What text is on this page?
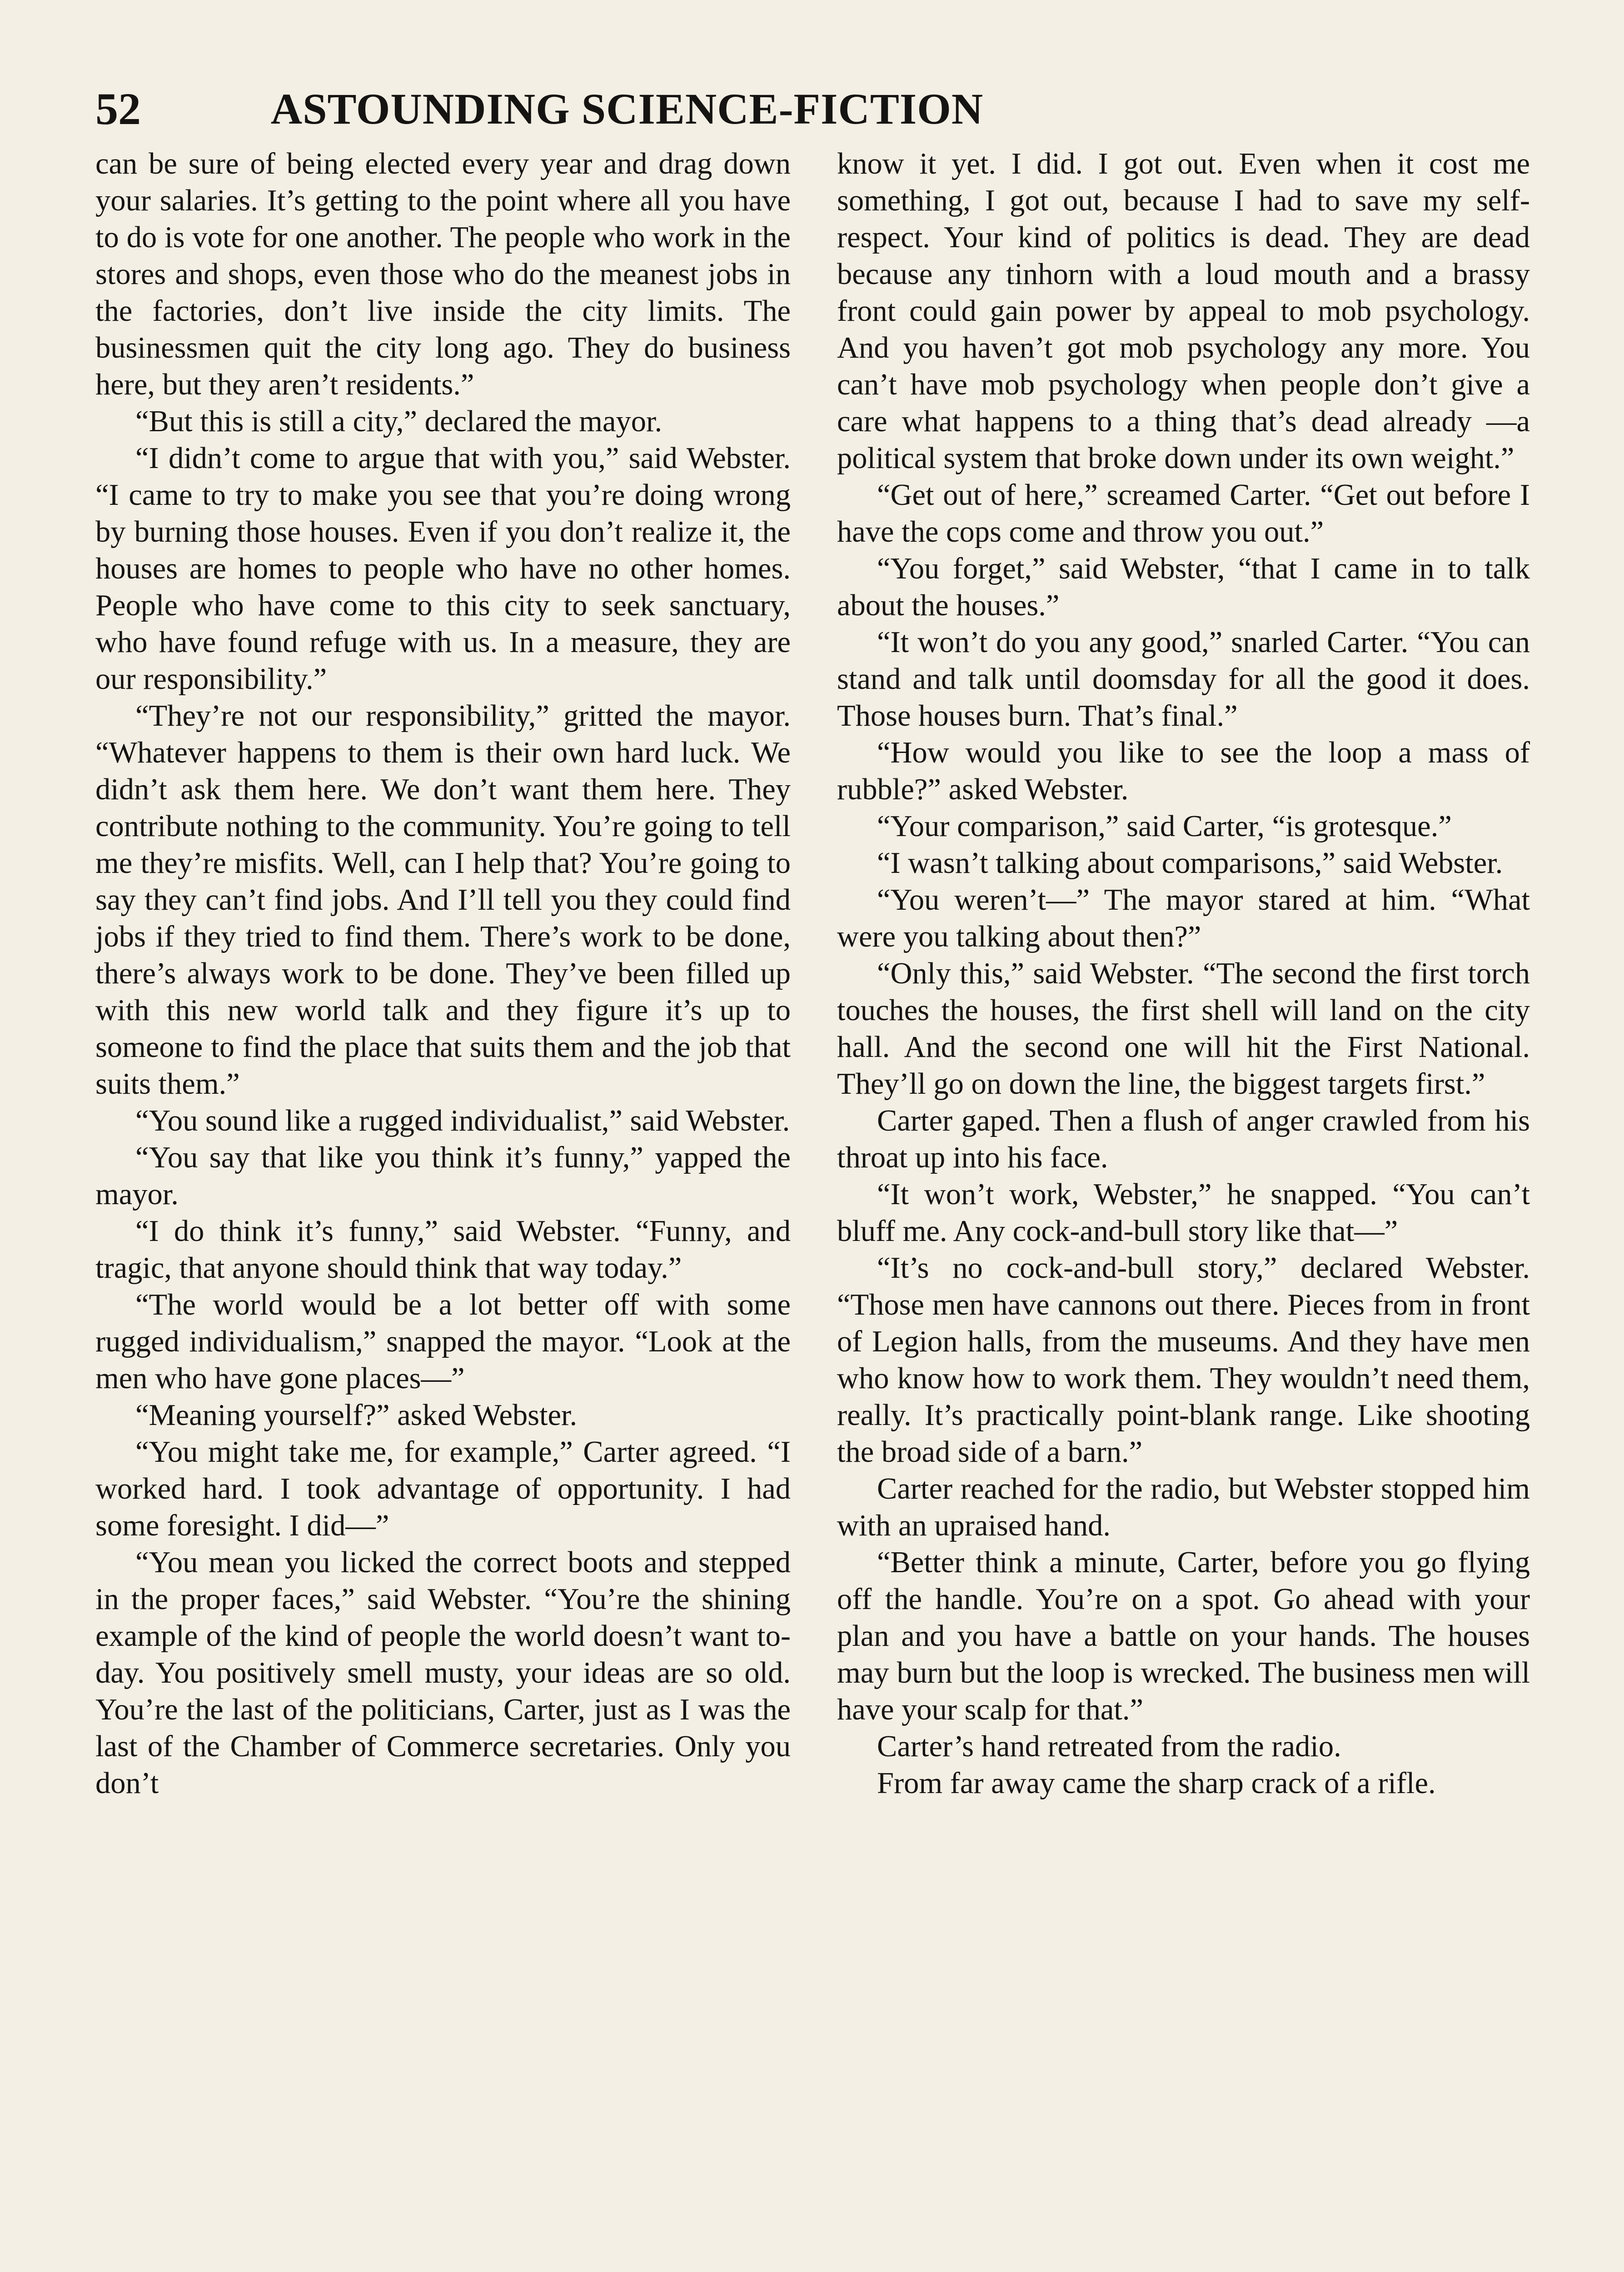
52	ASTOUNDING SCIENCE-FICTION

can be sure of being elected every year and drag down your salaries. It’s getting to the point where all you have to do is vote for one another. The people who work in the stores and shops, even those who do the meanest jobs in the factories, don’t live inside the city limits. The businessmen quit the city long ago. They do business here, but they aren’t residents.”

“But this is still a city,” declared the mayor.

“I didn’t come to argue that with you,” said Webster. “I came to try to make you see that you’re doing wrong by burning those houses. Even if you don’t realize it, the houses are homes to people who have no other homes. People who have come to this city to seek sanctuary, who have found refuge with us. In a measure, they are our responsibility.”

“They’re not our responsibility,” gritted the mayor. “Whatever happens to them is their own hard luck. We didn’t ask them here. We don’t want them here. They contribute nothing to the community. You’re going to tell me they’re misfits. Well, can I help that? You’re going to say they can’t find jobs. And I’ll tell you they could find jobs if they tried to find them. There’s work to be done, there’s always work to be done. They’ve been filled up with this new world talk and they figure it’s up to someone to find the place that suits them and the job that suits them.”

“You sound like a rugged individualist,” said Webster.

“You say that like you think it’s funny,” yapped the mayor.

“I do think it’s funny,” said Webster. “Funny, and tragic, that anyone should think that way today.”

“The world would be a lot better off with some rugged individualism,” snapped the mayor. “Look at the men who have gone places—”

“Meaning yourself?” asked Webster.

“You might take me, for example,” Carter agreed. “I worked hard. I took advantage of opportunity. I had some foresight. I did—”

“You mean you licked the correct boots and stepped in the proper faces,” said Webster. “You’re the shining example of the kind of people the world doesn’t want today. You positively smell musty, your ideas are so old. You’re the last of the politicians, Carter, just as I was the last of the Chamber of Commerce secretaries. Only you don’t

know it yet. I did. I got out. Even when it cost me something, I got out, because I had to save my self-respect. Your kind of politics is dead. They are dead because any tinhorn with a loud mouth and a brassy front could gain power by appeal to mob psychology. And you haven’t got mob psychology any more. You can’t have mob psychology when people don’t give a care what happens to a thing that’s dead already —a political system that broke down under its own weight.”

“Get out of here,” screamed Carter. “Get out before I have the cops come and throw you out.”

“You forget,” said Webster, “that I came in to talk about the houses.”

“It won’t do you any good,” snarled Carter. “You can stand and talk until doomsday for all the good it does. Those houses burn. That’s final.”

“How would you like to see the loop a mass of rubble?” asked Webster.

“Your comparison,” said Carter, “is grotesque.”

“I wasn’t talking about comparisons,” said Webster.

“You weren’t—” The mayor stared at him. “What were you talking about then?”

“Only this,” said Webster. “The second the first torch touches the houses, the first shell will land on the city hall. And the second one will hit the First National. They’ll go on down the line, the biggest targets first.”

Carter gaped. Then a flush of anger crawled from his throat up into his face.

“It won’t work, Webster,” he snapped. “You can’t bluff me. Any cock-and-bull story like that—”

“It’s no cock-and-bull story,” declared Webster. “Those men have cannons out there. Pieces from in front of Legion halls, from the museums. And they have men who know how to work them. They wouldn’t need them, really. It’s practically point-blank range. Like shooting the broad side of a barn.”

Carter reached for the radio, but Webster stopped him with an upraised hand.

“Better think a minute, Carter, before you go flying off the handle. You’re on a spot. Go ahead with your plan and you have a battle on your hands. The houses may burn but the loop is wrecked. The business men will have your scalp for that.”

Carter’s hand retreated from the radio.

From far away came the sharp crack of a rifle.
